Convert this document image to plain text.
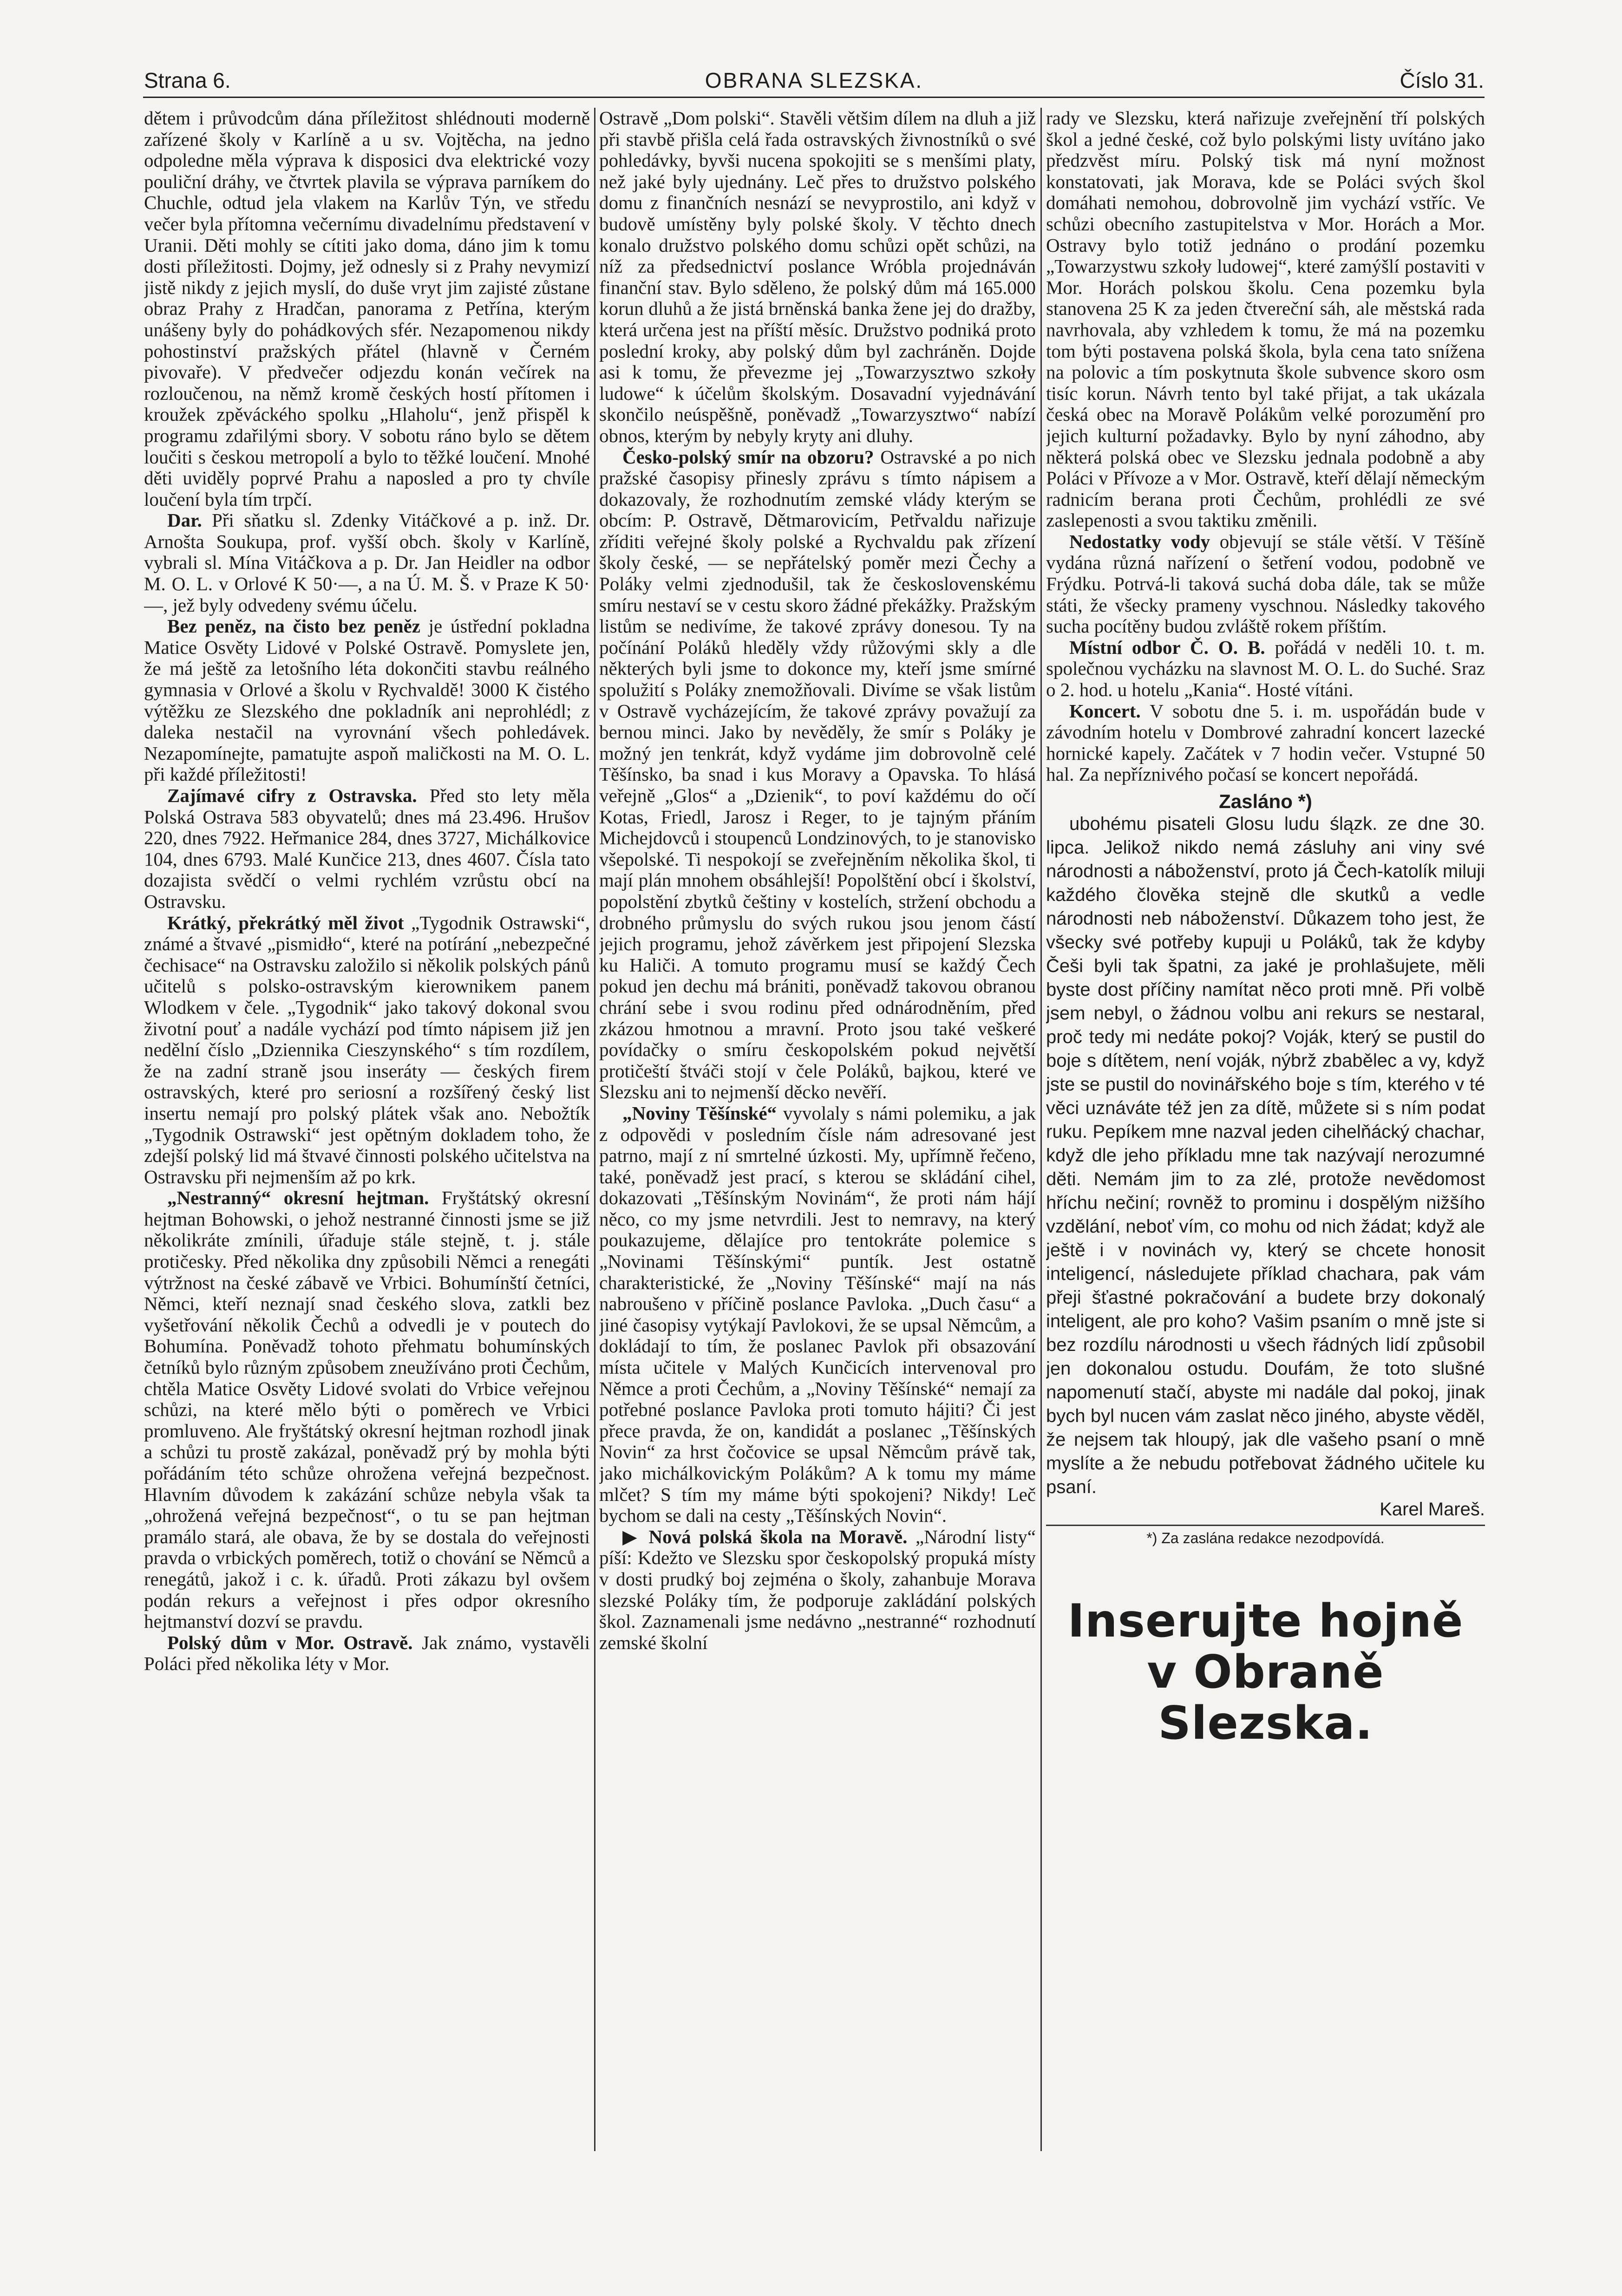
Strana 6.	OBRANA SLEZSKA.	Číslo 31.

dětem i průvodcům dána příležitost shlédnouti moderně zařízené školy v Karlíně a u sv. Vojtěcha, na jedno odpoledne měla výprava k disposici dva elektrické vozy pouliční dráhy, ve čtvrtek plavila se výprava parníkem do Chuchle, odtud jela vlakem na Karlův Týn, ve středu večer byla přítomna večernímu divadelnímu představení v Uranii. Děti mohly se cítiti jako doma, dáno jim k tomu dosti příležitosti. Dojmy, jež odnesly si z Prahy nevymizí jistě nikdy z jejich myslí, do duše vryt jim zajisté zůstane obraz Prahy z Hradčan, panorama z Petřína, kterým unášeny byly do pohádkových sfér. Nezapomenou nikdy pohostinství pražských přátel (hlavně v Černém pivovaře). V předvečer odjezdu konán večírek na rozloučenou, na němž kromě českých hostí přítomen i kroužek zpěváckého spolku „Hlaholu“, jenž přispěl k programu zdařilými sbory. V sobotu ráno bylo se dětem loučiti s českou metropolí a bylo to těžké loučení. Mnohé děti uviděly poprvé Prahu a naposled a pro ty chvíle loučení byla tím trpčí.

Dar. Při sňatku sl. Zdenky Vitáčkové a p. inž. Dr. Arnošta Soukupa, prof. vyšší obch. školy v Karlíně, vybrali sl. Mína Vitáčkova a p. Dr. Jan Heidler na odbor M. O. L. v Orlové K 50·—, a na Ú. M. Š. v Praze K 50·—, jež byly odvedeny svému účelu.

Bez peněz, na čisto bez peněz je ústřední pokladna Matice Osvěty Lidové v Polské Ostravě. Pomyslete jen, že má ještě za letošního léta dokončiti stavbu reálného gymnasia v Orlové a školu v Rychvaldě! 3000 K čistého výtěžku ze Slezského dne pokladník ani neprohlédl; z daleka nestačil na vyrovnání všech pohledávek. Nezapomínejte, pamatujte aspoň maličkosti na M. O. L. při každé příležitosti!

Zajímavé cifry z Ostravska. Před sto lety měla Polská Ostrava 583 obyvatelů; dnes má 23.496. Hrušov 220, dnes 7922. Heřmanice 284, dnes 3727, Michálkovice 104, dnes 6793. Malé Kunčice 213, dnes 4607. Čísla tato dozajista svědčí o velmi rychlém vzrůstu obcí na Ostravsku.

Krátký, překrátký měl život „Tygodnik Ostrawski“, známé a štvavé „pismidło“, které na potírání „nebezpečné čechisace“ na Ostravsku založilo si několik polských pánů učitelů s polsko-ostravským kierownikem panem Wlodkem v čele. „Tygodnik“ jako takový dokonal svou životní pouť a nadále vychází pod tímto nápisem již jen nedělní číslo „Dziennika Cieszynského“ s tím rozdílem, že na zadní straně jsou inseráty — českých firem ostravských, které pro seriosní a rozšířený český list insertu nemají pro polský plátek však ano. Nebožtík „Tygodnik Ostrawski“ jest opětným dokladem toho, že zdejší polský lid má štvavé činnosti polského učitelstva na Ostravsku při nejmenším až po krk.

„Nestranný“ okresní hejtman. Fryštátský okresní hejtman Bohowski, o jehož nestranné činnosti jsme se již několikráte zmínili, úřaduje stále stejně, t. j. stále protičesky. Před několika dny způsobili Němci a renegáti výtržnost na české zábavě ve Vrbici. Bohumínští četníci, Němci, kteří neznají snad českého slova, zatkli bez vyšetřování několik Čechů a odvedli je v poutech do Bohumína. Poněvadž tohoto přehmatu bohumínských četníků bylo různým způsobem zneužíváno proti Čechům, chtěla Matice Osvěty Lidové svolati do Vrbice veřejnou schůzi, na které mělo býti o poměrech ve Vrbici promluveno. Ale fryštátský okresní hejtman rozhodl jinak a schůzi tu prostě zakázal, poněvadž prý by mohla býti pořádáním této schůze ohrožena veřejná bezpečnost. Hlavním důvodem k zakázání schůze nebyla však ta „ohrožená veřejná bezpečnost“, o tu se pan hejtman pramálo stará, ale obava, že by se dostala do veřejnosti pravda o vrbických poměrech, totiž o chování se Němců a renegátů, jakož i c. k. úřadů. Proti zákazu byl ovšem podán rekurs a veřejnost i přes odpor okresního hejtmanství dozví se pravdu.

Polský dům v Mor. Ostravě. Jak známo, vystavěli Poláci před několika léty v Mor.

Ostravě „Dom polski“. Stavěli většim dílem na dluh a již při stavbě přišla celá řada ostravských živnostníků o své pohledávky, byvši nucena spokojiti se s menšími platy, než jaké byly ujednány. Leč přes to družstvo polského domu z finančních nesnází se nevyprostilo, ani když v budově umístěny byly polské školy. V těchto dnech konalo družstvo polského domu schůzi opět schůzi, na níž za předsednictví poslance Wróbla projednáván finanční stav. Bylo sděleno, že polský dům má 165.000 korun dluhů a že jistá brněnská banka žene jej do dražby, která určena jest na příští měsíc. Družstvo podniká proto poslední kroky, aby polský dům byl zachráněn. Dojde asi k tomu, že převezme jej „Towarzysztwo szkoły ludowe“ k účelům školským. Dosavadní vyjednávání skončilo neúspěšně, poněvadž „Towarzysztwo“ nabízí obnos, kterým by nebyly kryty ani dluhy.

Česko-polský smír na obzoru? Ostravské a po nich pražské časopisy přinesly zprávu s tímto nápisem a dokazovaly, že rozhodnutím zemské vlády kterým se obcím: P. Ostravě, Dětmarovicím, Petřvaldu nařizuje zříditi veřejné školy polské a Rychvaldu pak zřízení školy české, — se nepřátelský poměr mezi Čechy a Poláky velmi zjednodušil, tak že československému smíru nestaví se v cestu skoro žádné překážky. Pražským listům se nedivíme, že takové zprávy donesou. Ty na počínání Poláků hleděly vždy růžovými skly a dle některých byli jsme to dokonce my, kteří jsme smírné spolužití s Poláky znemožňovali. Divíme se však listům v Ostravě vycházejícím, že takové zprávy považují za bernou minci. Jako by nevěděly, že smír s Poláky je možný jen tenkrát, když vydáme jim dobrovolně celé Těšínsko, ba snad i kus Moravy a Opavska. To hlásá veřejně „Glos“ a „Dzienik“, to poví každému do očí Kotas, Friedl, Jarosz i Reger, to je tajným přáním Michejdovců i stoupenců Londzinových, to je stanovisko všepolské. Ti nespokojí se zveřejněním několika škol, ti mají plán mnohem obsáhlejší! Popolštění obcí i školství, popolstění zbytků češtiny v kostelích, stržení obchodu a drobného průmyslu do svých rukou jsou jenom částí jejich programu, jehož závěrkem jest připojení Slezska ku Haliči. A tomuto programu musí se každý Čech pokud jen dechu má brániti, poněvadž takovou obranou chrání sebe i svou rodinu před odnárodněním, před zkázou hmotnou a mravní. Proto jsou také veškeré povídačky o smíru českopolském pokud největší protičeští štváči stojí v čele Poláků, bajkou, které ve Slezsku ani to nejmenší děcko nevěří.

„Noviny Těšínské“ vyvolaly s námi polemiku, a jak z odpovědi v posledním čísle nám adresované jest patrno, mají z ní smrtelné úzkosti. My, upřímně řečeno, také, poněvadž jest prací, s kterou se skládání cihel, dokazovati „Těšínským Novinám“, že proti nám hájí něco, co my jsme netvrdili. Jest to nemravy, na který poukazujeme, dělajíce pro tentokráte polemice s „Novinami Těšínskými“ puntík. Jest ostatně charakteristické, že „Noviny Těšínské“ mají na nás nabroušeno v příčině poslance Pavloka. „Duch času“ a jiné časopisy vytýkají Pavlokovi, že se upsal Němcům, a dokládají to tím, že poslanec Pavlok při obsazování místa učitele v Malých Kunčicích intervenoval pro Němce a proti Čechům, a „Noviny Těšínské“ nemají za potřebné poslance Pavloka proti tomuto hájiti? Či jest přece pravda, že on, kandidát a poslanec „Těšínských Novin“ za hrst čočovice se upsal Němcům právě tak, jako michálkovickým Polákům? A k tomu my máme mlčet? S tím my máme býti spokojeni? Nikdy! Leč bychom se dali na cesty „Těšínských Novin“.

▶ Nová polská škola na Moravě. „Národní listy“ píší: Kdežto ve Slezsku spor českopolský propuká místy v dosti prudký boj zejména o školy, zahanbuje Morava slezské Poláky tím, že podporuje zakládání polských škol. Zaznamenali jsme nedávno „nestranné“ rozhodnutí zemské školní

rady ve Slezsku, která nařizuje zveřejnění tří polských škol a jedné české, což bylo polskými listy uvítáno jako předzvěst míru. Polský tisk má nyní možnost konstatovati, jak Morava, kde se Poláci svých škol domáhati nemohou, dobrovolně jim vychází vstříc. Ve schůzi obecního zastupitelstva v Mor. Horách a Mor. Ostravy bylo totiž jednáno o prodání pozemku „Towarzystwu szkoły ludowej“, které zamýšlí postaviti v Mor. Horách polskou školu. Cena pozemku byla stanovena 25 K za jeden čtvereční sáh, ale městská rada navrhovala, aby vzhledem k tomu, že má na pozemku tom býti postavena polská škola, byla cena tato snížena na polovic a tím poskytnuta škole subvence skoro osm tisíc korun. Návrh tento byl také přijat, a tak ukázala česká obec na Moravě Polákům velké porozumění pro jejich kulturní požadavky. Bylo by nyní záhodno, aby některá polská obec ve Slezsku jednala podobně a aby Poláci v Přívoze a v Mor. Ostravě, kteří dělají německým radnicím berana proti Čechům, prohlédli ze své zaslepenosti a svou taktiku změnili.

Nedostatky vody objevují se stále větší. V Těšíně vydána různá nařízení o šetření vodou, podobně ve Frýdku. Potrvá-li taková suchá doba dále, tak se může státi, že všecky prameny vyschnou. Následky takového sucha pocítěny budou zvláště rokem příštím.

Místní odbor Č. O. B. pořádá v neděli 10. t. m. společnou vycházku na slavnost M. O. L. do Suché. Sraz o 2. hod. u hotelu „Kania“. Hosté vítáni.

Koncert. V sobotu dne 5. i. m. uspořádán bude v závodním hotelu v Dombrové zahradní koncert lazecké hornické kapely. Začátek v 7 hodin večer. Vstupné 50 hal. Za nepříznivého počasí se koncert nepořádá.

Zasláno *)

ubohému pisateli Glosu ludu ślązk. ze dne 30. lipca. Jelikož nikdo nemá zásluhy ani viny své národnosti a náboženství, proto já Čech-katolík miluji každého člověka stejně dle skutků a vedle národnosti neb náboženství. Důkazem toho jest, že všecky své potřeby kupuji u Poláků, tak že kdyby Češi byli tak špatni, za jaké je prohlašujete, měli byste dost příčiny namítat něco proti mně. Při volbě jsem nebyl, o žádnou volbu ani rekurs se nestaral, proč tedy mi nedáte pokoj? Voják, který se pustil do boje s dítětem, není voják, nýbrž zbabělec a vy, když jste se pustil do novinářského boje s tím, kterého v té věci uznáváte též jen za dítě, můžete si s ním podat ruku. Pepíkem mne nazval jeden cihelňácký chachar, když dle jeho příkladu mne tak nazývají nerozumné děti. Nemám jim to za zlé, protože nevědomost hříchu nečiní; rovněž to prominu i dospělým nižšího vzdělání, neboť vím, co mohu od nich žádat; když ale ještě i v novinách vy, který se chcete honosit inteligencí, následujete příklad chachara, pak vám přeji šťastné pokračování a budete brzy dokonalý inteligent, ale pro koho? Vašim psaním o mně jste si bez rozdílu národnosti u všech řádných lidí způsobil jen dokonalou ostudu. Doufám, že toto slušné napomenutí stačí, abyste mi nadále dal pokoj, jinak bych byl nucen vám zaslat něco jiného, abyste věděl, že nejsem tak hloupý, jak dle vašeho psaní o mně myslíte a že nebudu potřebovat žádného učitele ku psaní.

Karel Mareš.
*) Za zaslána redakce nezodpovídá.
Inserujte hojně
v Obraně Slezska.
